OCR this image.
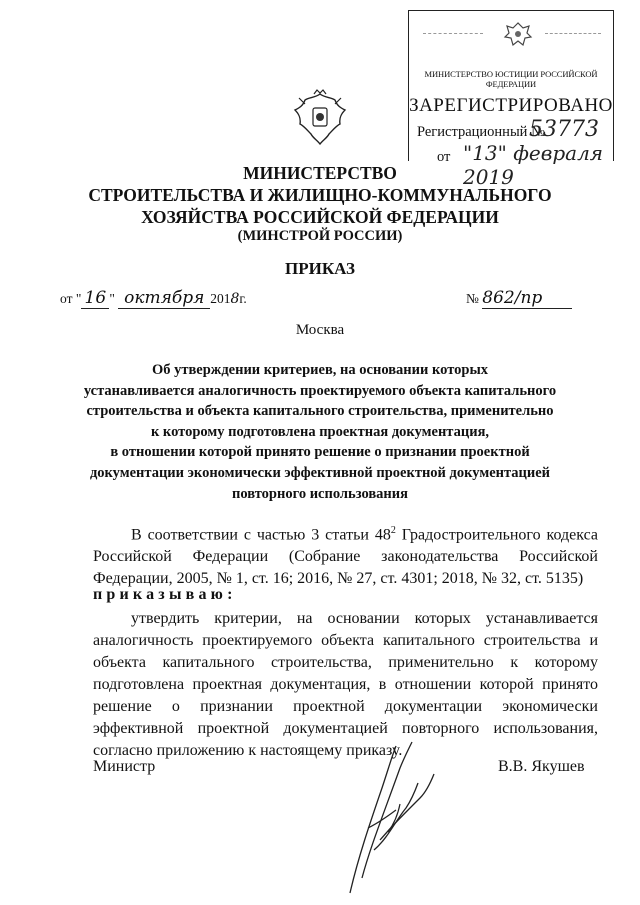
МИНИСТЕРСТВО ЮСТИЦИИ РОССИЙСКОЙ ФЕДЕРАЦИИ
ЗАРЕГИСТРИРОВАНО
Регистрационный №
53773
от "13" февраля 2019
МИНИСТЕРСТВО
СТРОИТЕЛЬСТВА И ЖИЛИЩНО-КОММУНАЛЬНОГО
ХОЗЯЙСТВА РОССИЙСКОЙ ФЕДЕРАЦИИ
(МИНСТРОЙ РОССИИ)
ПРИКАЗ
от " 16 " октября 2018г.	№ 862/пр
Москва
Об утверждении критериев, на основании которых
устанавливается аналогичность проектируемого объекта капитального
строительства и объекта капитального строительства, применительно
к которому подготовлена проектная документация,
в отношении которой принято решение о признании проектной
документации экономически эффективной проектной документацией
повторного использования
В соответствии с частью 3 статьи $48^2$ Градостроительного кодекса Российской Федерации (Собрание законодательства Российской Федерации, 2005, № 1, ст. 16; 2016, № 27, ст. 4301; 2018, № 32, ст. 5135)
приказываю:
утвердить критерии, на основании которых устанавливается аналогичность проектируемого объекта капитального строительства и объекта капитального строительства, применительно к которому подготовлена проектная документация, в отношении которой принято решение о признании проектной документации экономически эффективной проектной документацией повторного использования, согласно приложению к настоящему приказу.
Министр	В.В. Якушев
